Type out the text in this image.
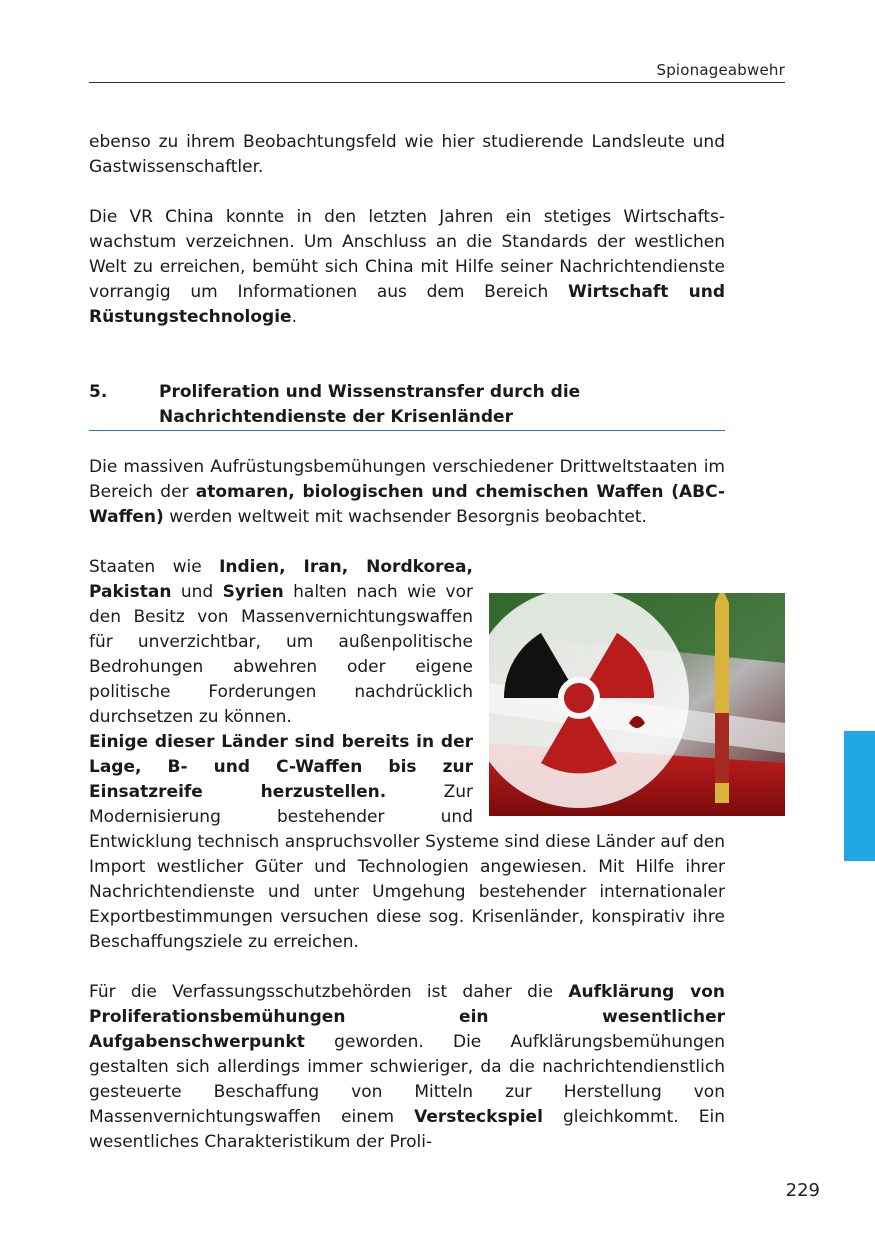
Spionageabwehr

ebenso zu ihrem Beobachtungsfeld wie hier studierende Landsleute und Gastwissenschaftler.

Die VR China konnte in den letzten Jahren ein stetiges Wirtschaftswachstum verzeichnen. Um Anschluss an die Standards der westlichen Welt zu erreichen, bemüht sich China mit Hilfe seiner Nachrichtendienste vorrangig um Informationen aus dem Bereich Wirtschaft und Rüstungstechnologie.

5.	Proliferation und Wissenstransfer durch die Nachrichtendienste der Krisenländer

Die massiven Aufrüstungsbemühungen verschiedener Drittweltstaaten im Bereich der atomaren, biologischen und chemischen Waffen (ABC-Waffen) werden weltweit mit wachsender Besorgnis beobachtet.

Staaten wie Indien, Iran, Nordkorea, Pakistan und Syrien halten nach wie vor den Besitz von Massenvernichtungswaffen für unverzichtbar, um außenpolitische Bedrohungen abwehren oder eigene politische Forderungen nachdrücklich durchsetzen zu können.

Einige dieser Länder sind bereits in der Lage, B- und C-Waffen bis zur Einsatzreife herzustellen. Zur Modernisierung bestehender und Entwicklung technisch anspruchsvoller Systeme sind diese Länder auf den Import westlicher Güter und Technologien angewiesen. Mit Hilfe ihrer Nachrichtendienste und unter Umgehung bestehender internationaler Exportbestimmungen versuchen diese sog. Krisenländer, konspirativ ihre Beschaffungsziele zu erreichen.

Für die Verfassungsschutzbehörden ist daher die Aufklärung von Proliferationsbemühungen ein wesentlicher Aufgabenschwerpunkt geworden. Die Aufklärungsbemühungen gestalten sich allerdings immer schwieriger, da die nachrichtendienstlich gesteuerte Beschaffung von Mitteln zur Herstellung von Massenvernichtungswaffen einem Versteckspiel gleichkommt. Ein wesentliches Charakteristikum der Proli-

229
